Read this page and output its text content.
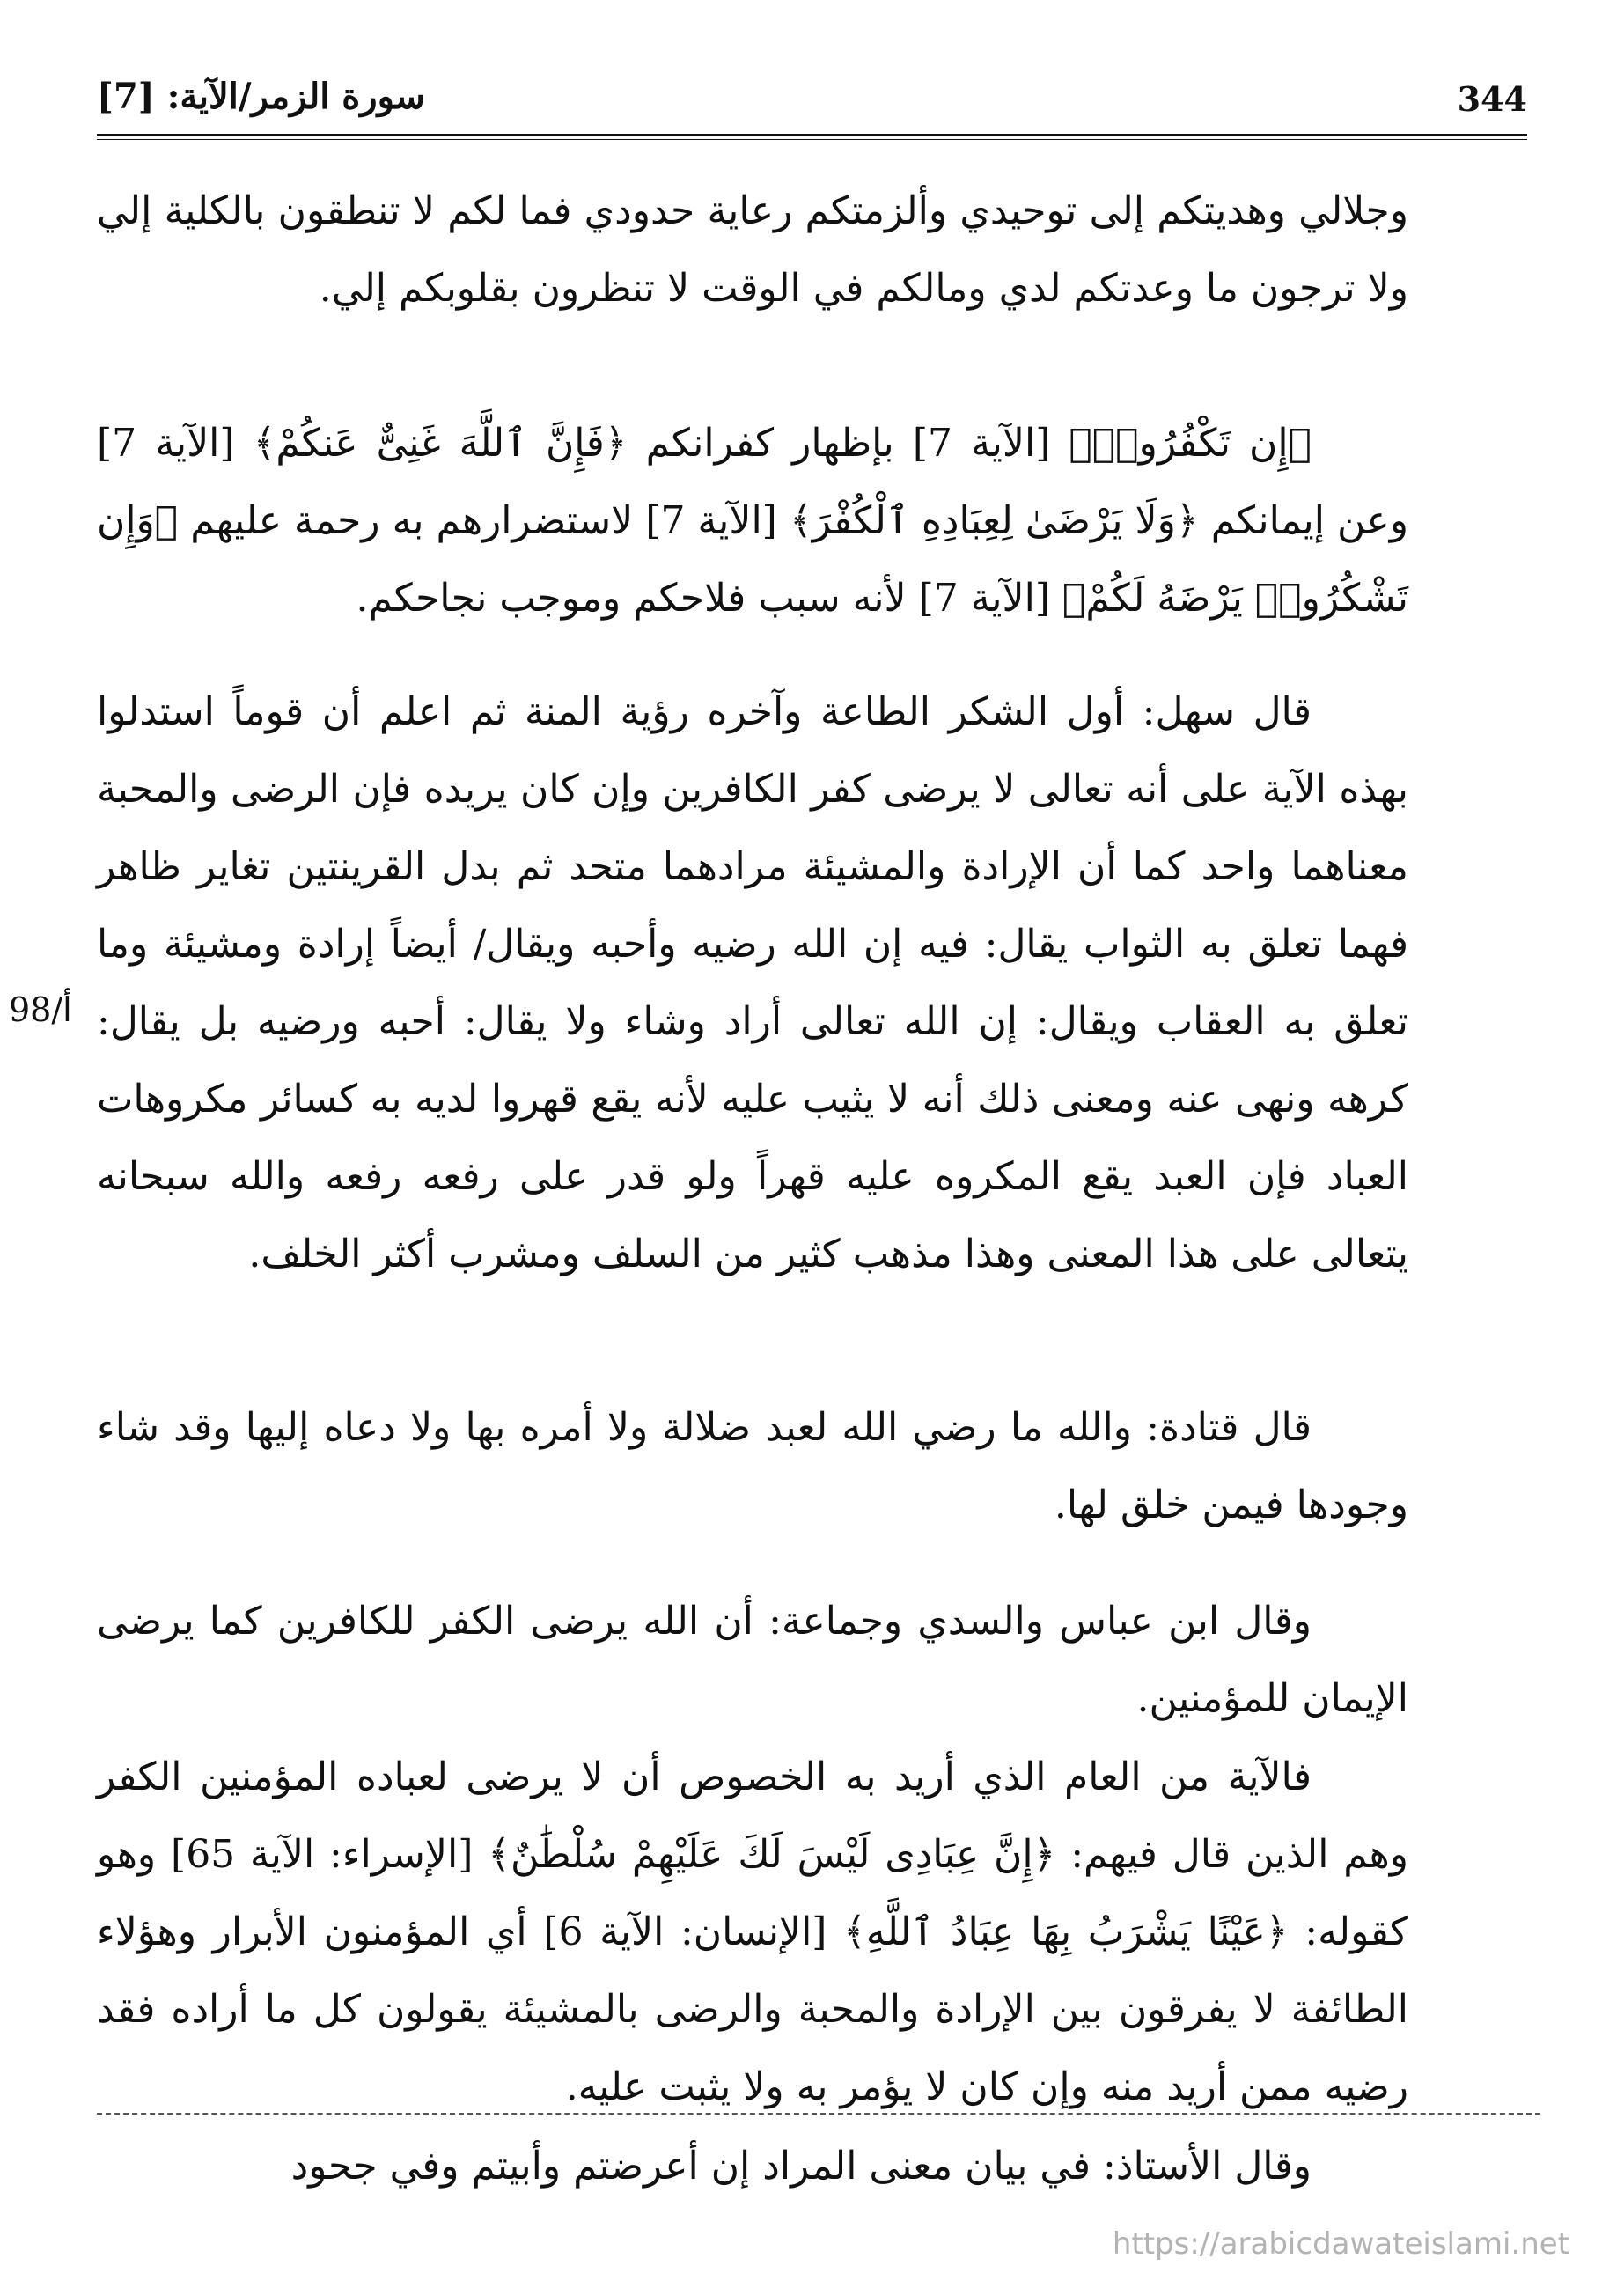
344
سورة الزمر/الآية: [7]
وجلالي وهديتكم إلى توحيدي وألزمتكم رعاية حدودي فما لكم لا تنطقون بالكلية إلي ولا ترجون ما وعدتكم لدي ومالكم في الوقت لا تنظرون بقلوبكم إلي.
﴿إِن تَكْفُرُوا۟﴾ [الآية 7] بإظهار كفرانكم ﴿فَإِنَّ ٱللَّهَ غَنِىٌّ عَنكُمْ﴾ [الآية 7] وعن إيمانكم ﴿وَلَا يَرْضَىٰ لِعِبَادِهِ ٱلْكُفْرَ﴾ [الآية 7] لاستضرارهم به رحمة عليهم ﴿وَإِن تَشْكُرُوا۟ يَرْضَهُ لَكُمْ﴾ [الآية 7] لأنه سبب فلاحكم وموجب نجاحكم.
قال سهل: أول الشكر الطاعة وآخره رؤية المنة ثم اعلم أن قوماً استدلوا بهذه الآية على أنه تعالى لا يرضى كفر الكافرين وإن كان يريده فإن الرضى والمحبة معناهما واحد كما أن الإرادة والمشيئة مرادهما متحد ثم بدل القرينتين تغاير ظاهر فهما تعلق به الثواب يقال: فيه إن الله رضيه وأحبه ويقال/ أيضاً إرادة ومشيئة وما تعلق به العقاب ويقال: إن الله تعالى أراد وشاء ولا يقال: أحبه ورضيه بل يقال: كرهه ونهى عنه ومعنى ذلك أنه لا يثيب عليه لأنه يقع قهروا لديه به كسائر مكروهات العباد فإن العبد يقع المكروه عليه قهراً ولو قدر على رفعه رفعه والله سبحانه يتعالى على هذا المعنى وهذا مذهب كثير من السلف ومشرب أكثر الخلف.
قال قتادة: والله ما رضي الله لعبد ضلالة ولا أمره بها ولا دعاه إليها وقد شاء وجودها فيمن خلق لها.
وقال ابن عباس والسدي وجماعة: أن الله يرضى الكفر للكافرين كما يرضى الإيمان للمؤمنين.
فالآية من العام الذي أريد به الخصوص أن لا يرضى لعباده المؤمنين الكفر وهم الذين قال فيهم: ﴿إِنَّ عِبَادِى لَيْسَ لَكَ عَلَيْهِمْ سُلْطَٰنٌ﴾ [الإسراء: الآية 65] وهو كقوله: ﴿عَيْنًا يَشْرَبُ بِهَا عِبَادُ ٱللَّهِ﴾ [الإنسان: الآية 6] أي المؤمنون الأبرار وهؤلاء الطائفة لا يفرقون بين الإرادة والمحبة والرضى بالمشيئة يقولون كل ما أراده فقد رضيه ممن أريد منه وإن كان لا يؤمر به ولا يثبت عليه.
98/أ
وقال الأستاذ: في بيان معنى المراد إن أعرضتم وأبيتم وفي جحود
https://arabicdawateislami.net
